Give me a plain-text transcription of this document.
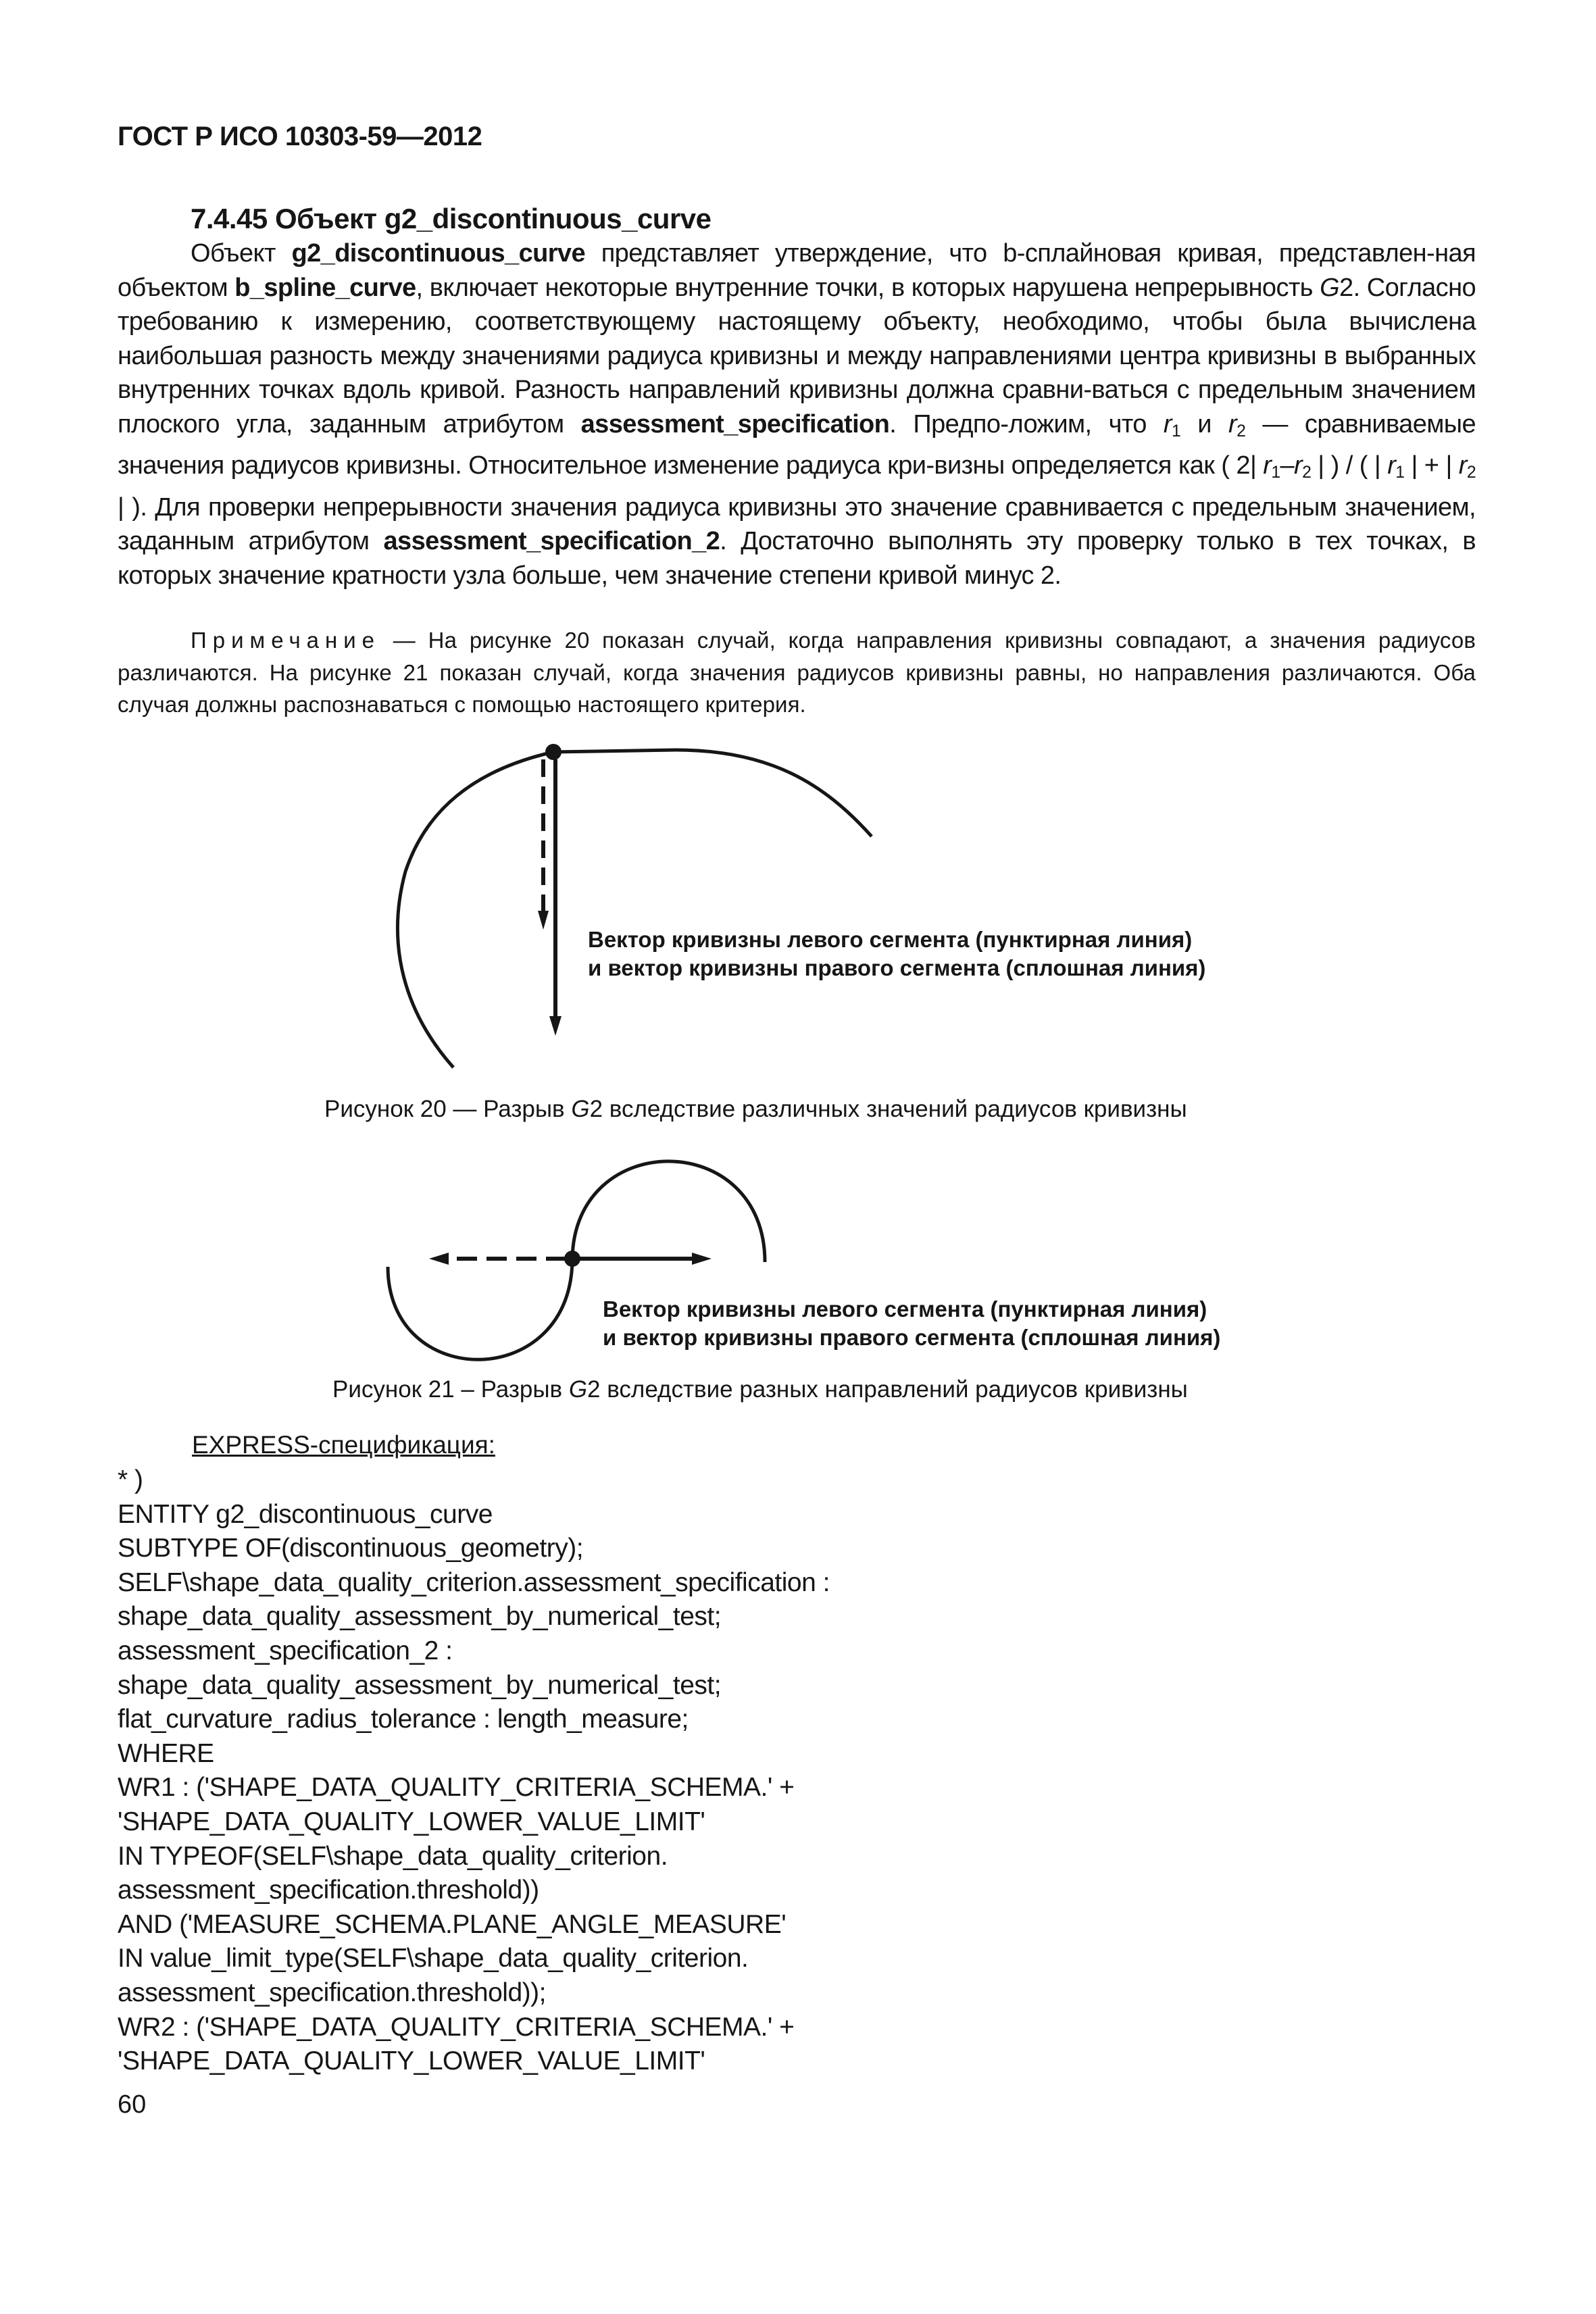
ГОСТ Р ИСО 10303-59—2012
7.4.45 Объект g2_discontinuous_curve

Объект g2_discontinuous_curve представляет утверждение, что b-сплайновая кривая, представлен-ная объектом b_spline_curve, включает некоторые внутренние точки, в которых нарушена непрерывность G2. Согласно требованию к измерению, соответствующему настоящему объекту, необходимо, чтобы была вычислена наибольшая разность между значениями радиуса кривизны и между направлениями центра кривизны в выбранных внутренних точках вдоль кривой. Разность направлений кривизны должна сравни-ваться с предельным значением плоского угла, заданным атрибутом assessment_specification. Предпо-ложим, что $r_1$ и $r_2$ — сравниваемые значения радиусов кривизны. Относительное изменение радиуса кри-визны определяется как ( 2| $r_1-r_2$ | ) / ( | $r_1$ | + | $r_2$ | ). Для проверки непрерывности значения радиуса кривизны это значение сравнивается с предельным значением, заданным атрибутом assessment_specification_2. Достаточно выполнять эту проверку только в тех точках, в которых значение кратности узла больше, чем значение степени кривой минус 2.

Примечание — На рисунке 20 показан случай, когда направления кривизны совпадают, а значения радиусов различаются. На рисунке 21 показан случай, когда значения радиусов кривизны равны, но направления различаются. Оба случая должны распознаваться с помощью настоящего критерия.

Вектор кривизны левого сегмента (пунктирная линия)
и вектор кривизны правого сегмента (сплошная линия)
Рисунок 20 — Разрыв G2 вследствие различных значений радиусов кривизны
Вектор кривизны левого сегмента (пунктирная линия)
и вектор кривизны правого сегмента (сплошная линия)
Рисунок 21 – Разрыв G2 вследствие разных направлений радиусов кривизны
EXPRESS-спецификация:
* )
ENTITY g2_discontinuous_curve
SUBTYPE OF(discontinuous_geometry);
SELF\shape_data_quality_criterion.assessment_specification :
shape_data_quality_assessment_by_numerical_test;
assessment_specification_2 :
shape_data_quality_assessment_by_numerical_test;
flat_curvature_radius_tolerance : length_measure;
WHERE
WR1 : ('SHAPE_DATA_QUALITY_CRITERIA_SCHEMA.' +
'SHAPE_DATA_QUALITY_LOWER_VALUE_LIMIT'
IN TYPEOF(SELF\shape_data_quality_criterion.
assessment_specification.threshold))
AND ('MEASURE_SCHEMA.PLANE_ANGLE_MEASURE'
IN value_limit_type(SELF\shape_data_quality_criterion.
assessment_specification.threshold));
WR2 : ('SHAPE_DATA_QUALITY_CRITERIA_SCHEMA.' +
'SHAPE_DATA_QUALITY_LOWER_VALUE_LIMIT'
60
